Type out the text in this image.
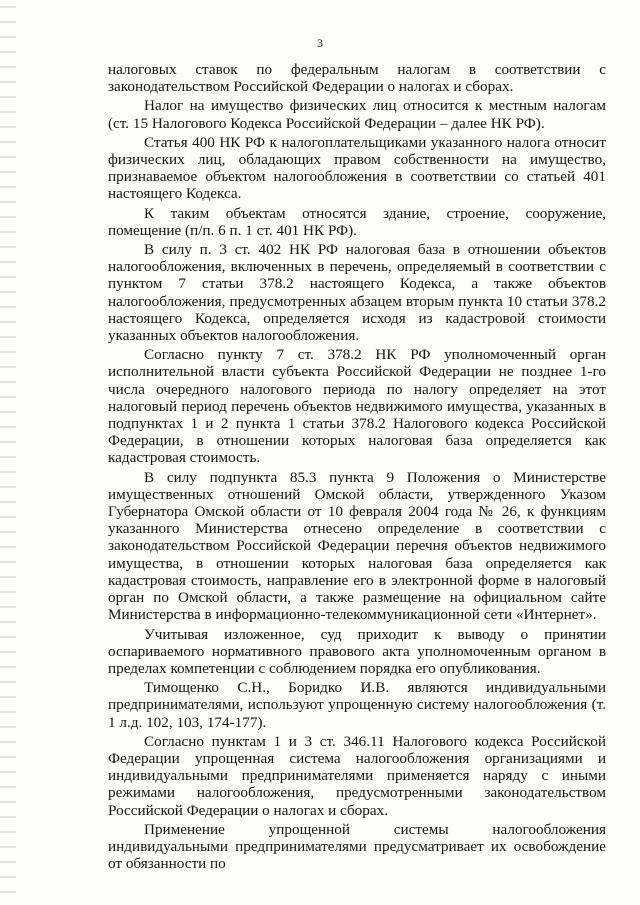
3

налоговых ставок по федеральным налогам в соответствии с законодательством Российской Федерации о налогах и сборах.

Налог на имущество физических лиц относится к местным налогам (ст. 15 Налогового Кодекса Российской Федерации – далее НК РФ).

Статья 400 НК РФ к налогоплательщиками указанного налога относит физических лиц, обладающих правом собственности на имущество, признаваемое объектом налогообложения в соответствии со статьей 401 настоящего Кодекса.

К таким объектам относятся здание, строение, сооружение, помещение (п/п. 6 п. 1 ст. 401 НК РФ).

В силу п. 3 ст. 402 НК РФ налоговая база в отношении объектов налогообложения, включенных в перечень, определяемый в соответствии с пунктом 7 статьи 378.2 настоящего Кодекса, а также объектов налогообложения, предусмотренных абзацем вторым пункта 10 статьи 378.2 настоящего Кодекса, определяется исходя из кадастровой стоимости указанных объектов налогообложения.

Согласно пункту 7 ст. 378.2 НК РФ уполномоченный орган исполнительной власти субъекта Российской Федерации не позднее 1-го числа очередного налогового периода по налогу определяет на этот налоговый период перечень объектов недвижимого имущества, указанных в подпунктах 1 и 2 пункта 1 статьи 378.2 Налогового кодекса Российской Федерации, в отношении которых налоговая база определяется как кадастровая стоимость.

В силу подпункта 85.3 пункта 9 Положения о Министерстве имущественных отношений Омской области, утвержденного Указом Губернатора Омской области от 10 февраля 2004 года № 26, к функциям указанного Министерства отнесено определение в соответствии с законодательством Российской Федерации перечня объектов недвижимого имущества, в отношении которых налоговая база определяется как кадастровая стоимость, направление его в электронной форме в налоговый орган по Омской области, а также размещение на официальном сайте Министерства в информационно-телекоммуникационной сети «Интернет».

Учитывая изложенное, суд приходит к выводу о принятии оспариваемого нормативного правового акта уполномоченным органом в пределах компетенции с соблюдением порядка его опубликования.

Тимощенко С.Н., Боридко И.В. являются индивидуальными предпринимателями, используют упрощенную систему налогообложения (т. 1 л.д. 102, 103, 174-177).

Согласно пунктам 1 и 3 ст. 346.11 Налогового кодекса Российской Федерации упрощенная система налогообложения организациями и индивидуальными предпринимателями применяется наряду с иными режимами налогообложения, предусмотренными законодательством Российской Федерации о налогах и сборах.

Применение упрощенной системы налогообложения индивидуальными предпринимателями предусматривает их освобождение от обязанности по
